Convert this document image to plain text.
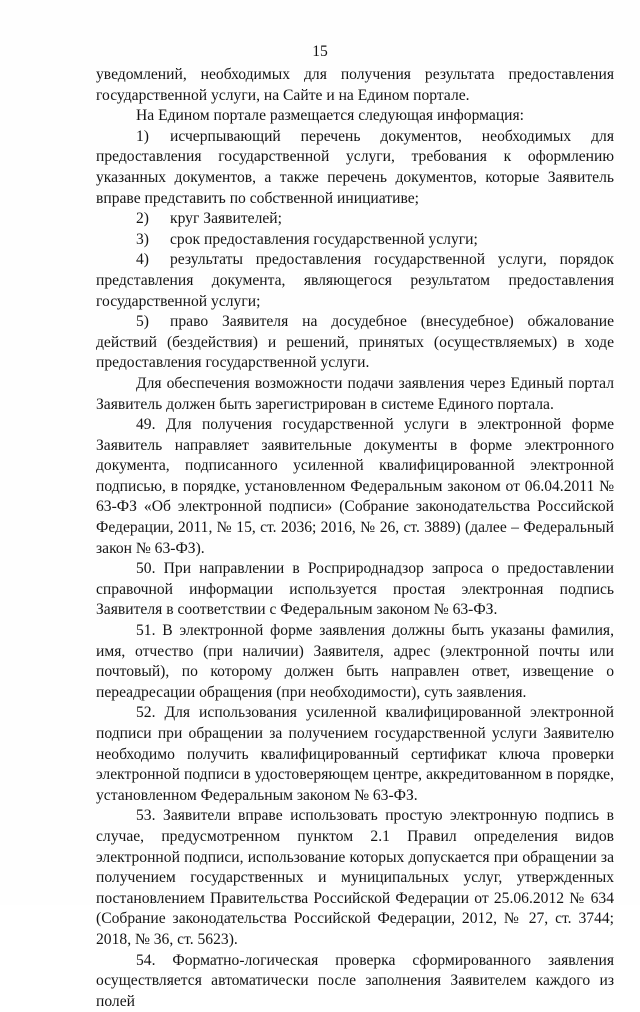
15

уведомлений, необходимых для получения результата предоставления государственной услуги, на Сайте и на Едином портале.

На Едином портале размещается следующая информация:

1) исчерпывающий перечень документов, необходимых для предоставления государственной услуги, требования к оформлению указанных документов, а также перечень документов, которые Заявитель вправе представить по собственной инициативе;

2) круг Заявителей;

3) срок предоставления государственной услуги;

4) результаты предоставления государственной услуги, порядок представления документа, являющегося результатом предоставления государственной услуги;

5) право Заявителя на досудебное (внесудебное) обжалование действий (бездействия) и решений, принятых (осуществляемых) в ходе предоставления государственной услуги.

Для обеспечения возможности подачи заявления через Единый портал Заявитель должен быть зарегистрирован в системе Единого портала.

49. Для получения государственной услуги в электронной форме Заявитель направляет заявительные документы в форме электронного документа, подписанного усиленной квалифицированной электронной подписью, в порядке, установленном Федеральным законом от 06.04.2011 № 63-ФЗ «Об электронной подписи» (Собрание законодательства Российской Федерации, 2011, № 15, ст. 2036; 2016, № 26, ст. 3889) (далее – Федеральный закон № 63-ФЗ).

50. При направлении в Росприроднадзор запроса о предоставлении справочной информации используется простая электронная подпись Заявителя в соответствии с Федеральным законом № 63-ФЗ.

51. В электронной форме заявления должны быть указаны фамилия, имя, отчество (при наличии) Заявителя, адрес (электронной почты или почтовый), по которому должен быть направлен ответ, извещение о переадресации обращения (при необходимости), суть заявления.

52. Для использования усиленной квалифицированной электронной подписи при обращении за получением государственной услуги Заявителю необходимо получить квалифицированный сертификат ключа проверки электронной подписи в удостоверяющем центре, аккредитованном в порядке, установленном Федеральным законом № 63-ФЗ.

53. Заявители вправе использовать простую электронную подпись в случае, предусмотренном пунктом 2.1 Правил определения видов электронной подписи, использование которых допускается при обращении за получением государственных и муниципальных услуг, утвержденных постановлением Правительства Российской Федерации от 25.06.2012 № 634 (Собрание законодательства Российской Федерации, 2012, № 27, ст. 3744; 2018, № 36, ст. 5623).

54. Форматно-логическая проверка сформированного заявления осуществляется автоматически после заполнения Заявителем каждого из полей
